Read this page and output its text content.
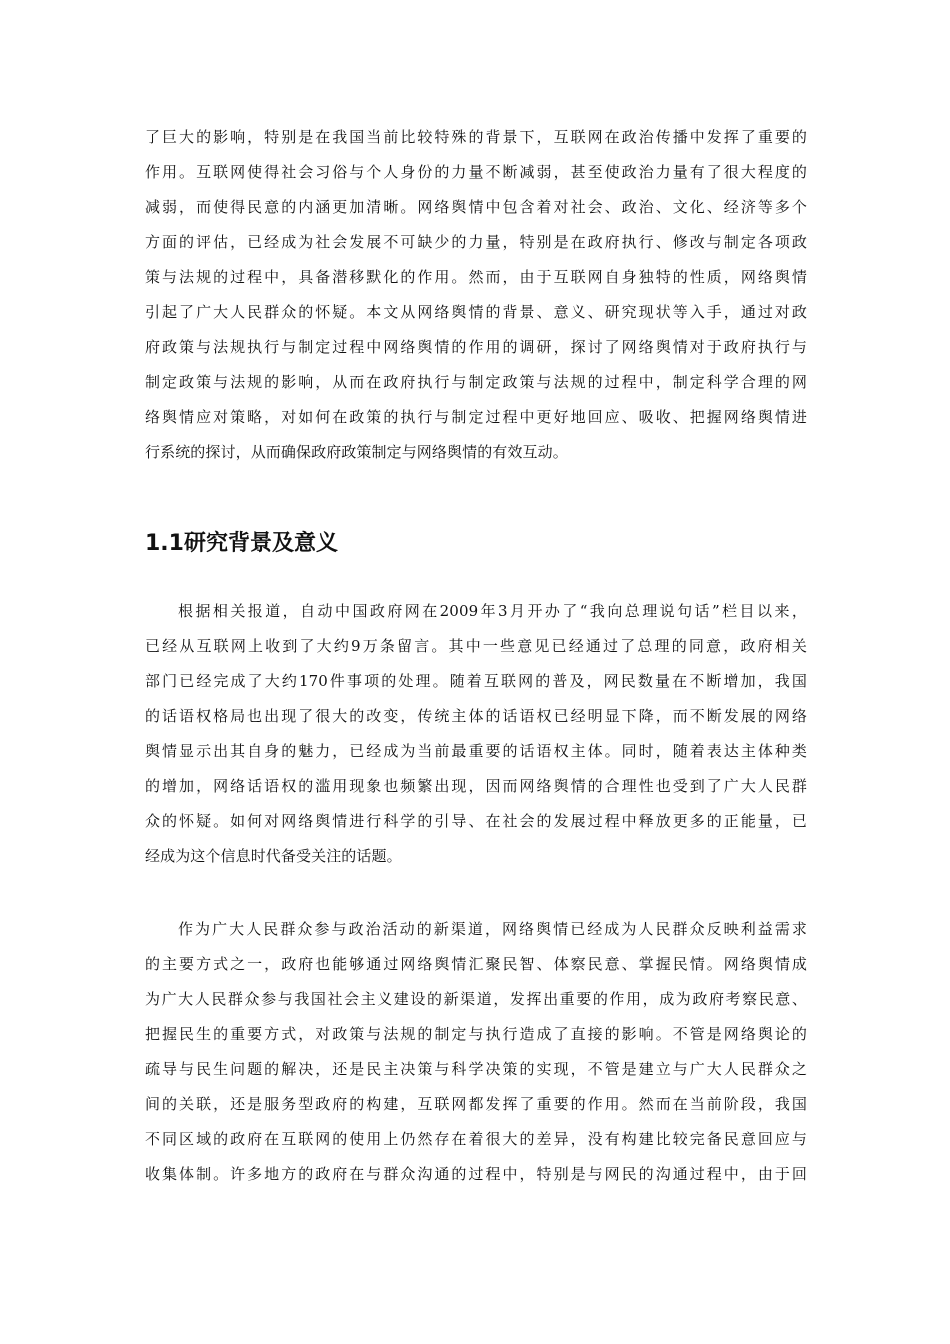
了巨大的影响，特别是在我国当前比较特殊的背景下，互联网在政治传播中发挥了重要的
作用。互联网使得社会习俗与个人身份的力量不断减弱，甚至使政治力量有了很大程度的
减弱，而使得民意的内涵更加清晰。网络舆情中包含着对社会、政治、文化、经济等多个
方面的评估，已经成为社会发展不可缺少的力量，特别是在政府执行、修改与制定各项政
策与法规的过程中，具备潜移默化的作用。然而，由于互联网自身独特的性质，网络舆情
引起了广大人民群众的怀疑。本文从网络舆情的背景、意义、研究现状等入手，通过对政
府政策与法规执行与制定过程中网络舆情的作用的调研，探讨了网络舆情对于政府执行与
制定政策与法规的影响，从而在政府执行与制定政策与法规的过程中，制定科学合理的网
络舆情应对策略，对如何在政策的执行与制定过程中更好地回应、吸收、把握网络舆情进
行系统的探讨，从而确保政府政策制定与网络舆情的有效互动。
1.1研究背景及意义
根据相关报道，自动中国政府网在2009年3月开办了“我向总理说句话”栏目以来，
已经从互联网上收到了大约9万条留言。其中一些意见已经通过了总理的同意，政府相关
部门已经完成了大约170件事项的处理。随着互联网的普及，网民数量在不断增加，我国
的话语权格局也出现了很大的改变，传统主体的话语权已经明显下降，而不断发展的网络
舆情显示出其自身的魅力，已经成为当前最重要的话语权主体。同时，随着表达主体种类
的增加，网络话语权的滥用现象也频繁出现，因而网络舆情的合理性也受到了广大人民群
众的怀疑。如何对网络舆情进行科学的引导、在社会的发展过程中释放更多的正能量，已
经成为这个信息时代备受关注的话题。
作为广大人民群众参与政治活动的新渠道，网络舆情已经成为人民群众反映利益需求
的主要方式之一，政府也能够通过网络舆情汇聚民智、体察民意、掌握民情。网络舆情成
为广大人民群众参与我国社会主义建设的新渠道，发挥出重要的作用，成为政府考察民意、
把握民生的重要方式，对政策与法规的制定与执行造成了直接的影响。不管是网络舆论的
疏导与民生问题的解决，还是民主决策与科学决策的实现，不管是建立与广大人民群众之
间的关联，还是服务型政府的构建，互联网都发挥了重要的作用。然而在当前阶段，我国
不同区域的政府在互联网的使用上仍然存在着很大的差异，没有构建比较完备民意回应与
收集体制。许多地方的政府在与群众沟通的过程中，特别是与网民的沟通过程中，由于回
